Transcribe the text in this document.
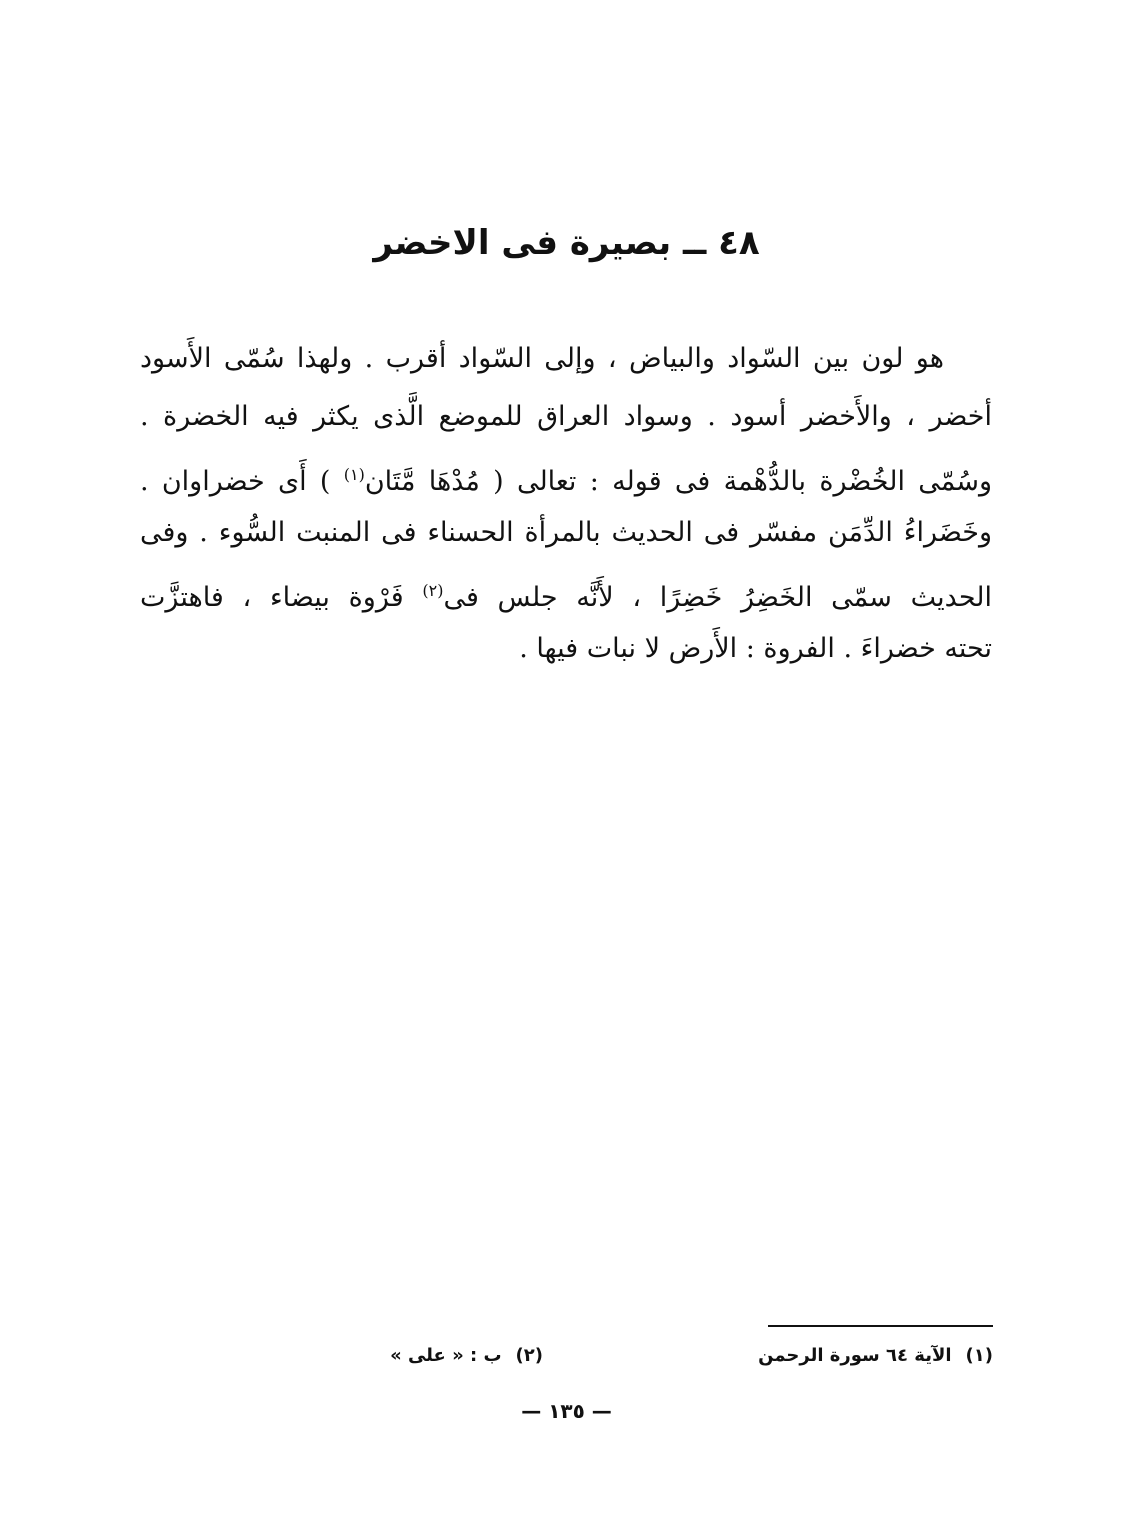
٤٨ ــ بصيرة فى الاخضر
هو لون بين السّواد والبياض ، وإلى السّواد أقرب . ولهذا سُمّى الأَسود
أخضر ، والأَخضر أسود . وسواد العراق للموضع الَّذى يكثر فيه الخضرة .
وسُمّى الخُضْرة بالدُّهْمة فى قوله : تعالى ( مُدْهَا مَّتَان$^{(١)}$ ) أَى خضراوان .
وخَضَراءُ الدِّمَن مفسّر فى الحديث بالمرأة الحسناء فى المنبت السُّوء . وفى
الحديث سمّى الخَضِرُ خَضِرًا ، لأَنَّه جلس فى$^{(٢)}$ فَرْوة بيضاء ، فاهتزَّت
تحته خضراءَ . الفروة : الأَرض لا نبات فيها .
(١)الآية ٦٤ سورة الرحمن
(٢)ب : « على »
— ١٣٥ —
